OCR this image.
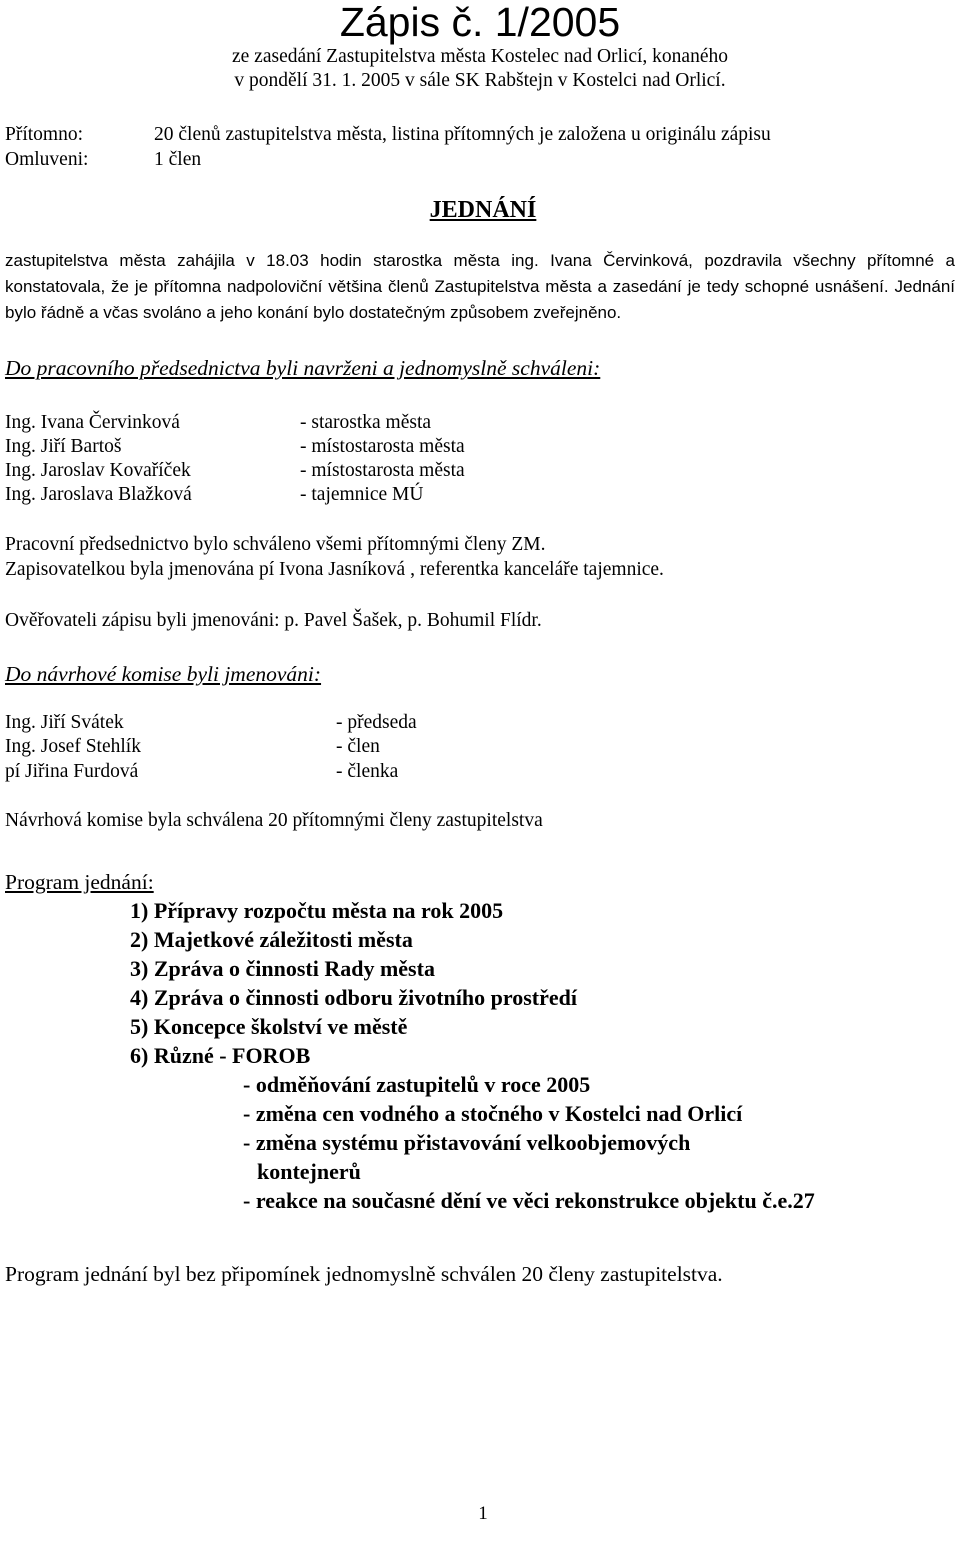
Zápis č. 1/2005
ze zasedání Zastupitelstva města Kostelec nad Orlicí, konaného
v pondělí 31. 1. 2005 v sále SK Rabštejn v Kostelci nad Orlicí.
Přítomno:	20 členů zastupitelstva města, listina přítomných je založena u originálu zápisu
Omluveni:	1 člen
JEDNÁNÍ
zastupitelstva města zahájila v 18.03 hodin starostka města ing. Ivana Červinková, pozdravila všechny přítomné a konstatovala, že je přítomna nadpoloviční většina členů Zastupitelstva města a zasedání je tedy schopné usnášení. Jednání bylo řádně a včas svoláno a jeho konání bylo dostatečným způsobem zveřejněno.
Do pracovního předsednictva byli navrženi a jednomyslně schváleni:
Ing. Ivana Červinková	- starostka města
Ing. Jiří Bartoš	- místostarosta města
Ing. Jaroslav Kovaříček	- místostarosta města
Ing. Jaroslava Blažková	- tajemnice MÚ
Pracovní předsednictvo bylo schváleno všemi přítomnými členy ZM.
Zapisovatelkou byla jmenována pí Ivona Jasníková , referentka kanceláře tajemnice.
Ověřovateli zápisu byli jmenováni: p. Pavel Šašek, p. Bohumil Flídr.
Do návrhové komise byli jmenováni:
Ing. Jiří Svátek	- předseda
Ing. Josef Stehlík	- člen
pí Jiřina Furdová	- členka
Návrhová komise byla schválena 20 přítomnými členy zastupitelstva
Program jednání:
1) Přípravy rozpočtu města na rok 2005
2) Majetkové záležitosti města
3) Zpráva o činnosti Rady města
4) Zpráva o činnosti odboru životního prostředí
5) Koncepce školství ve městě
6) Různé - FOROB
- odměňování zastupitelů v roce 2005
- změna cen vodného a stočného v Kostelci nad Orlicí
- změna systému přistavování velkoobjemových
kontejnerů
- reakce na současné dění ve věci rekonstrukce objektu č.e.27
Program jednání byl bez připomínek jednomyslně schválen 20 členy zastupitelstva.
1
